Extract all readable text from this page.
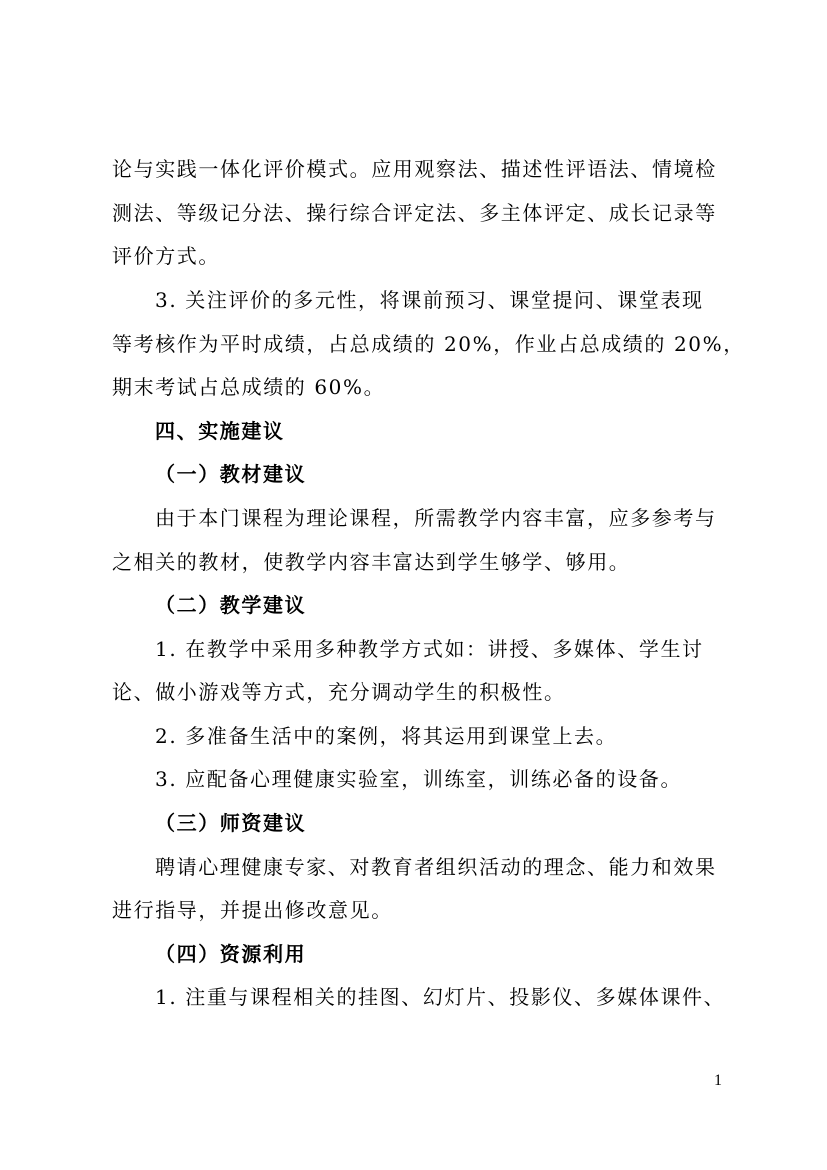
论与实践一体化评价模式。应用观察法、描述性评语法、情境检
测法、等级记分法、操行综合评定法、多主体评定、成长记录等
评价方式。
3. 关注评价的多元性，将课前预习、课堂提问、课堂表现
等考核作为平时成绩，占总成绩的 20%，作业占总成绩的 20%，
期末考试占总成绩的 60%。
四、实施建议
（一）教材建议
由于本门课程为理论课程，所需教学内容丰富，应多参考与
之相关的教材，使教学内容丰富达到学生够学、够用。
（二）教学建议
1. 在教学中采用多种教学方式如：讲授、多媒体、学生讨
论、做小游戏等方式，充分调动学生的积极性。
2. 多准备生活中的案例，将其运用到课堂上去。
3. 应配备心理健康实验室，训练室，训练必备的设备。
（三）师资建议
聘请心理健康专家、对教育者组织活动的理念、能力和效果
进行指导，并提出修改意见。
（四）资源利用
1. 注重与课程相关的挂图、幻灯片、投影仪、多媒体课件、
1
